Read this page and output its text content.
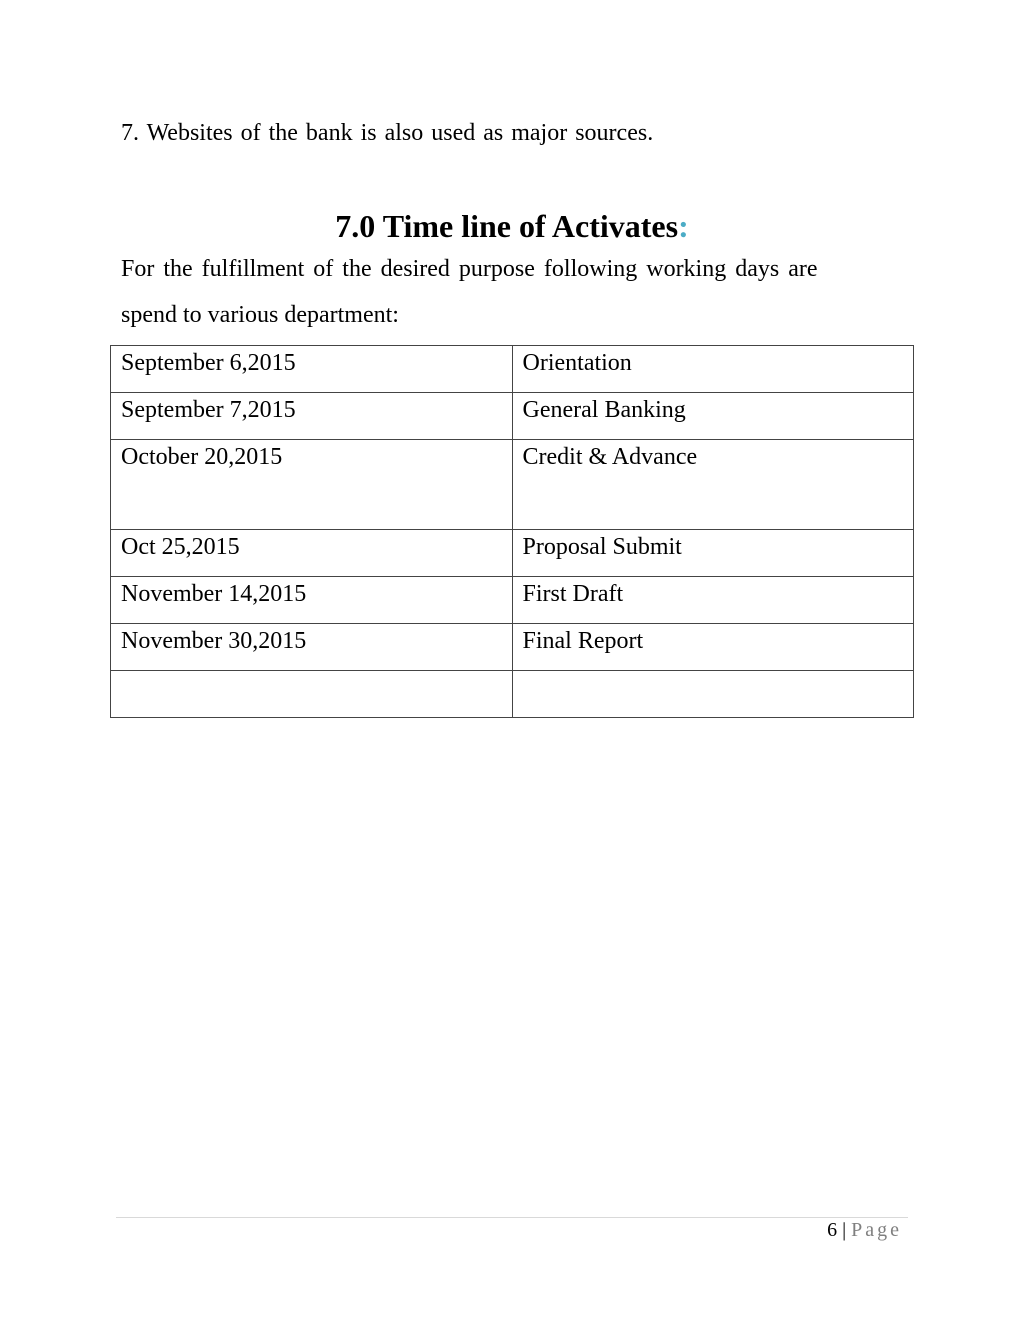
7. Websites of the bank is also used as major sources.
7.0 Time line of Activates:
For the fulfillment of the desired purpose following working days are
spend to various department:
September 6,2015	Orientation
September 7,2015	General Banking
October 20,2015	Credit & Advance
Oct 25,2015	Proposal Submit
November 14,2015	First Draft
November 30,2015	Final Report

6 | Page
